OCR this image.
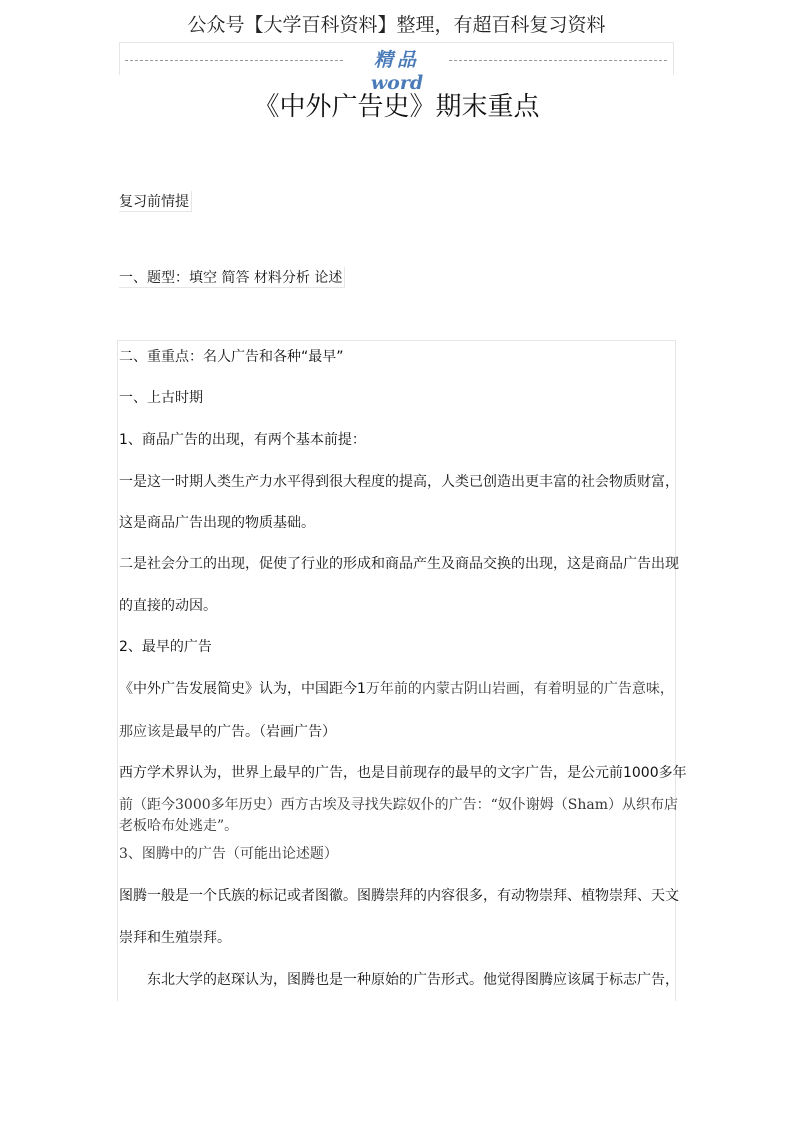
公众号【大学百科资料】整理，有超百科复习资料
精品word
《中外广告史》期末重点
复习前情提
一、题型：填空 简答 材料分析 论述
二、重重点：名人广告和各种“最早”
一、上古时期
1、商品广告的出现，有两个基本前提：
一是这一时期人类生产力水平得到很大程度的提高，人类已创造出更丰富的社会物质财富，
这是商品广告出现的物质基础。
二是社会分工的出现，促使了行业的形成和商品产生及商品交换的出现，这是商品广告出现
的直接的动因。
2、最早的广告
《中外广告发展简史》认为，中国距今1万年前的内蒙古阴山岩画，有着明显的广告意味，
那应该是最早的广告。（岩画广告）
西方学术界认为，世界上最早的广告，也是目前现存的最早的文字广告，是公元前1000多年
前（距今3000多年历史）西方古埃及寻找失踪奴仆的广告：“奴仆谢姆（Sham）从织布店
老板哈布处逃走”。
3、图腾中的广告（可能出论述题）
图腾一般是一个氏族的标记或者图徽。图腾崇拜的内容很多，有动物崇拜、植物崇拜、天文
崇拜和生殖崇拜。
东北大学的赵琛认为，图腾也是一种原始的广告形式。他觉得图腾应该属于标志广告，
